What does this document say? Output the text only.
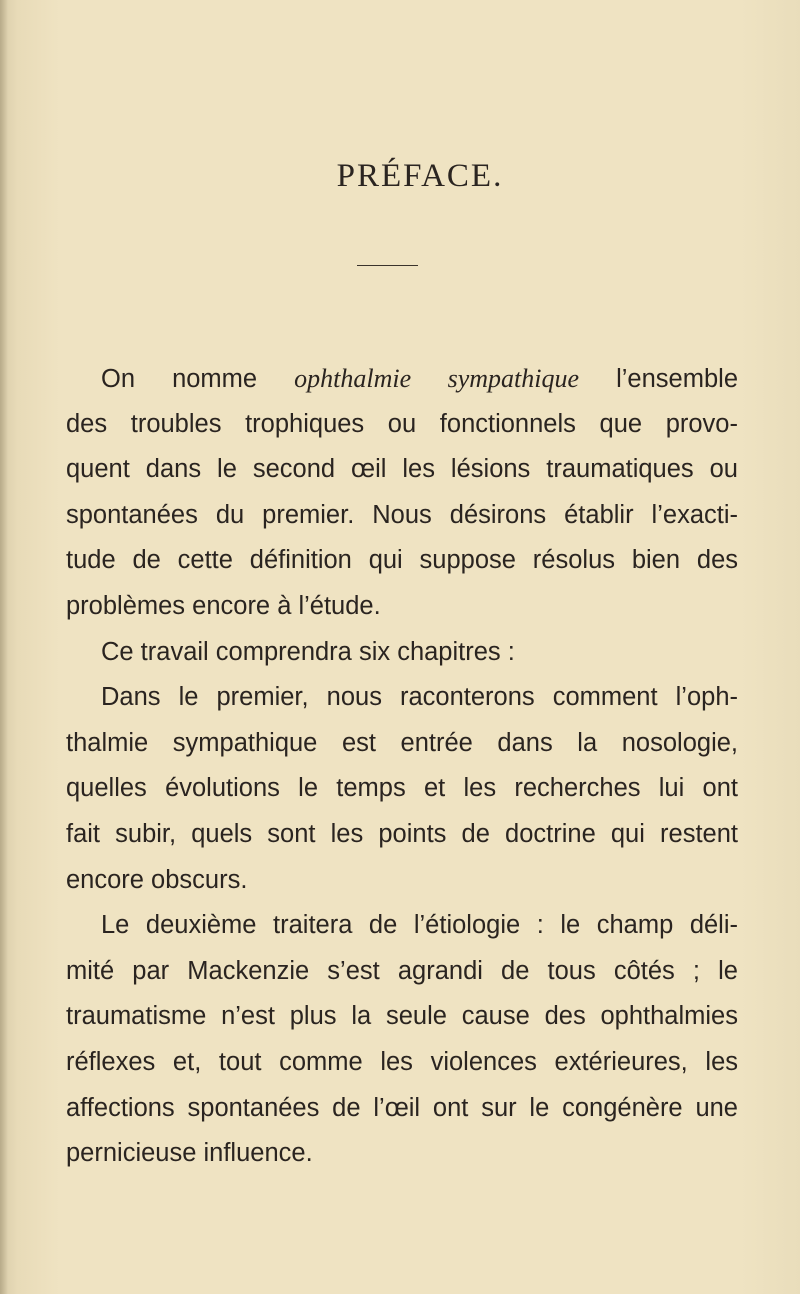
PRÉFACE.
On nomme ophthalmie sympathique l’ensemble
des troubles trophiques ou fonctionnels que provo-
quent dans le second œil les lésions traumatiques ou
spontanées du premier. Nous désirons établir l’exacti-
tude de cette définition qui suppose résolus bien des
problèmes encore à l’étude.
Ce travail comprendra six chapitres :
Dans le premier, nous raconterons comment l’oph-
thalmie sympathique est entrée dans la nosologie,
quelles évolutions le temps et les recherches lui ont
fait subir, quels sont les points de doctrine qui restent
encore obscurs.
Le deuxième traitera de l’étiologie : le champ déli-
mité par Mackenzie s’est agrandi de tous côtés ; le
traumatisme n’est plus la seule cause des ophthalmies
réflexes et, tout comme les violences extérieures, les
affections spontanées de l’œil ont sur le congénère une
pernicieuse influence.
